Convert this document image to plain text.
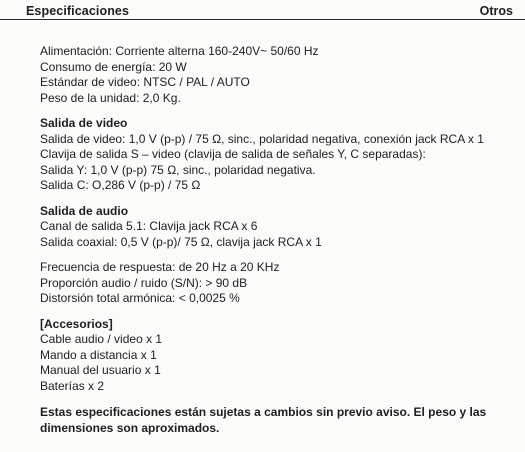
Especificaciones	Otros
Alimentación: Corriente alterna 160-240V~ 50/60 Hz
Consumo de energía: 20 W
Estándar de video: NTSC / PAL / AUTO
Peso de la unidad: 2,0 Kg.
Salida de video
Salida de video: 1,0 V (p-p) / 75 Ω, sinc., polaridad negativa, conexión jack RCA x 1
Clavija de salida S – video (clavija de salida de señales Y, C separadas):
Salida Y: 1,0 V (p-p) 75 Ω, sinc., polaridad negativa.
Salida C: O,286 V (p-p) / 75 Ω
Salida de audio
Canal de salida 5.1: Clavija jack RCA x 6
Salida coaxial: 0,5 V (p-p)/ 75 Ω, clavija jack RCA x 1
Frecuencia de respuesta: de 20 Hz a 20 KHz
Proporción audio / ruido (S/N): > 90 dB
Distorsión total armónica: < 0,0025 %
[Accesorios]
Cable audio / video x 1
Mando a distancia x 1
Manual del usuario x 1
Baterías x 2
Estas especificaciones están sujetas a cambios sin previo aviso. El peso y las dimensiones son aproximados.
